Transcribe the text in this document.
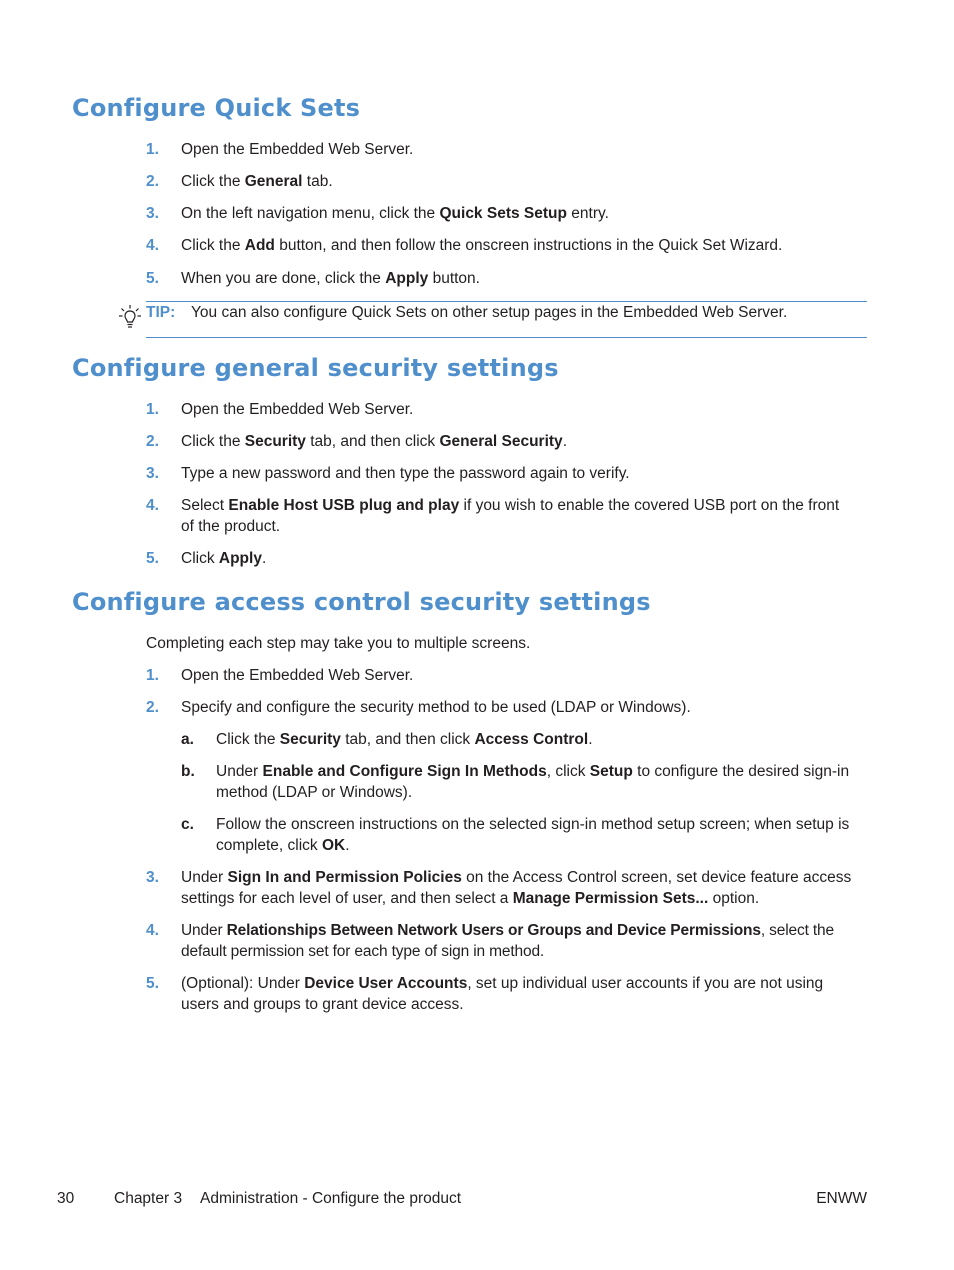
Configure Quick Sets
1.	Open the Embedded Web Server.
2.	Click the General tab.
3.	On the left navigation menu, click the Quick Sets Setup entry.
4.	Click the Add button, and then follow the onscreen instructions in the Quick Set Wizard.
5.	When you are done, click the Apply button.
TIP: You can also configure Quick Sets on other setup pages in the Embedded Web Server.
Configure general security settings
1.	Open the Embedded Web Server.
2.	Click the Security tab, and then click General Security.
3.	Type a new password and then type the password again to verify.
4.	Select Enable Host USB plug and play if you wish to enable the covered USB port on the front of the product.
5.	Click Apply.
Configure access control security settings
Completing each step may take you to multiple screens.
1.	Open the Embedded Web Server.
2.	Specify and configure the security method to be used (LDAP or Windows).
a.	Click the Security tab, and then click Access Control.
b.	Under Enable and Configure Sign In Methods, click Setup to configure the desired sign-in method (LDAP or Windows).
c.	Follow the onscreen instructions on the selected sign-in method setup screen; when setup is complete, click OK.
3.	Under Sign In and Permission Policies on the Access Control screen, set device feature access settings for each level of user, and then select a Manage Permission Sets... option.
4.	Under Relationships Between Network Users or Groups and Device Permissions, select the default permission set for each type of sign in method.
5.	(Optional): Under Device User Accounts, set up individual user accounts if you are not using users and groups to grant device access.
30	Chapter 3 Administration - Configure the product	ENWW
